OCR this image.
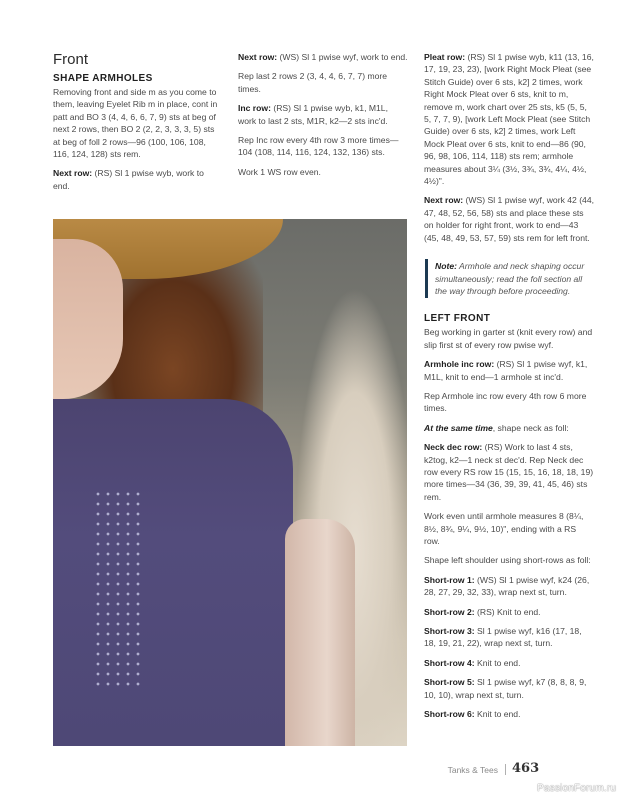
Front
SHAPE ARMHOLES

Removing front and side m as you come to them, leaving Eyelet Rib m in place, cont in patt and BO 3 (4, 4, 6, 6, 7, 9) sts at beg of next 2 rows, then BO 2 (2, 2, 3, 3, 3, 5) sts at beg of foll 2 rows—96 (100, 106, 108, 116, 124, 128) sts rem.

Next row: (RS) Sl 1 pwise wyb, work to end.

Next row: (WS) Sl 1 pwise wyf, work to end.

Rep last 2 rows 2 (3, 4, 4, 6, 7, 7) more times.

Inc row: (RS) Sl 1 pwise wyb, k1, M1L, work to last 2 sts, M1R, k2—2 sts inc'd.

Rep Inc row every 4th row 3 more times—104 (108, 114, 116, 124, 132, 136) sts.

Work 1 WS row even.

Pleat row: (RS) Sl 1 pwise wyb, k11 (13, 16, 17, 19, 23, 23), [work Right Mock Pleat (see Stitch Guide) over 6 sts, k2] 2 times, work Right Mock Pleat over 6 sts, knit to m, remove m, work chart over 25 sts, k5 (5, 5, 5, 7, 7, 9), [work Left Mock Pleat (see Stitch Guide) over 6 sts, k2] 2 times, work Left Mock Pleat over 6 sts, knit to end—86 (90, 96, 98, 106, 114, 118) sts rem; armhole measures about 3¼ (3½, 3¾, 3¾, 4¼, 4½, 4½)".

Next row: (WS) Sl 1 pwise wyf, work 42 (44, 47, 48, 52, 56, 58) sts and place these sts on holder for right front, work to end—43 (45, 48, 49, 53, 57, 59) sts rem for left front.

Note: Armhole and neck shaping occur simultaneously; read the foll section all the way through before proceeding.
LEFT FRONT

Beg working in garter st (knit every row) and slip first st of every row pwise wyf.

Armhole inc row: (RS) Sl 1 pwise wyf, k1, M1L, knit to end—1 armhole st inc'd.

Rep Armhole inc row every 4th row 6 more times.

At the same time, shape neck as foll:

Neck dec row: (RS) Work to last 4 sts, k2tog, k2—1 neck st dec'd. Rep Neck dec row every RS row 15 (15, 15, 16, 18, 18, 19) more times—34 (36, 39, 39, 41, 45, 46) sts rem.

Work even until armhole measures 8 (8¼, 8½, 8¾, 9¼, 9½, 10)", ending with a RS row.

Shape left shoulder using short-rows as foll:

Short-row 1: (WS) Sl 1 pwise wyf, k24 (26, 28, 27, 29, 32, 33), wrap next st, turn.

Short-row 2: (RS) Knit to end.

Short-row 3: Sl 1 pwise wyf, k16 (17, 18, 18, 19, 21, 22), wrap next st, turn.

Short-row 4: Knit to end.

Short-row 5: Sl 1 pwise wyf, k7 (8, 8, 8, 9, 10, 10), wrap next st, turn.

Short-row 6: Knit to end.

Tanks & Tees 463
PassionForum.ru
